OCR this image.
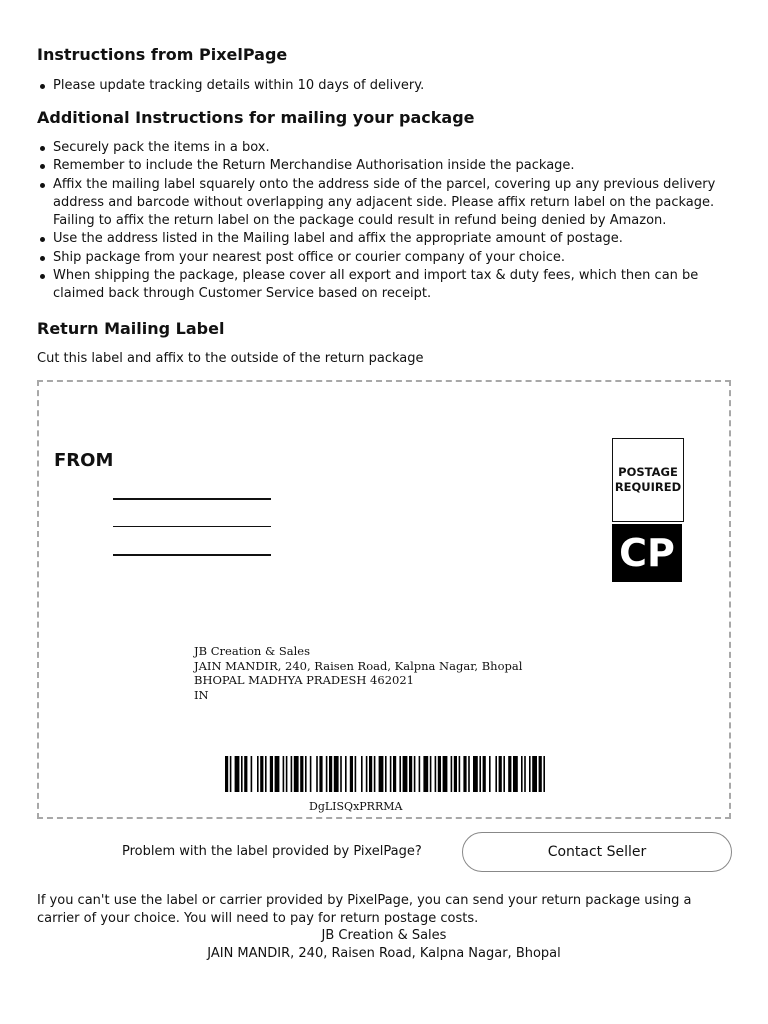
Instructions from PixelPage
Please update tracking details within 10 days of delivery.
Additional Instructions for mailing your package
Securely pack the items in a box.
Remember to include the Return Merchandise Authorisation inside the package.
Affix the mailing label squarely onto the address side of the parcel, covering up any previous delivery address and barcode without overlapping any adjacent side. Please affix return label on the package. Failing to affix the return label on the package could result in refund being denied by Amazon.
Use the address listed in the Mailing label and affix the appropriate amount of postage.
Ship package from your nearest post office or courier company of your choice.
When shipping the package, please cover all export and import tax & duty fees, which then can be claimed back through Customer Service based on receipt.
Return Mailing Label
Cut this label and affix to the outside of the return package
FROM
POSTAGE REQUIRED
CP
JB Creation & Sales
JAIN MANDIR, 240, Raisen Road, Kalpna Nagar, Bhopal
BHOPAL MADHYA PRADESH 462021
IN
DgLISQxPRRMA
Problem with the label provided by PixelPage?	Contact Seller
If you can't use the label or carrier provided by PixelPage, you can send your return package using a carrier of your choice. You will need to pay for return postage costs.
JB Creation & Sales
JAIN MANDIR, 240, Raisen Road, Kalpna Nagar, Bhopal
